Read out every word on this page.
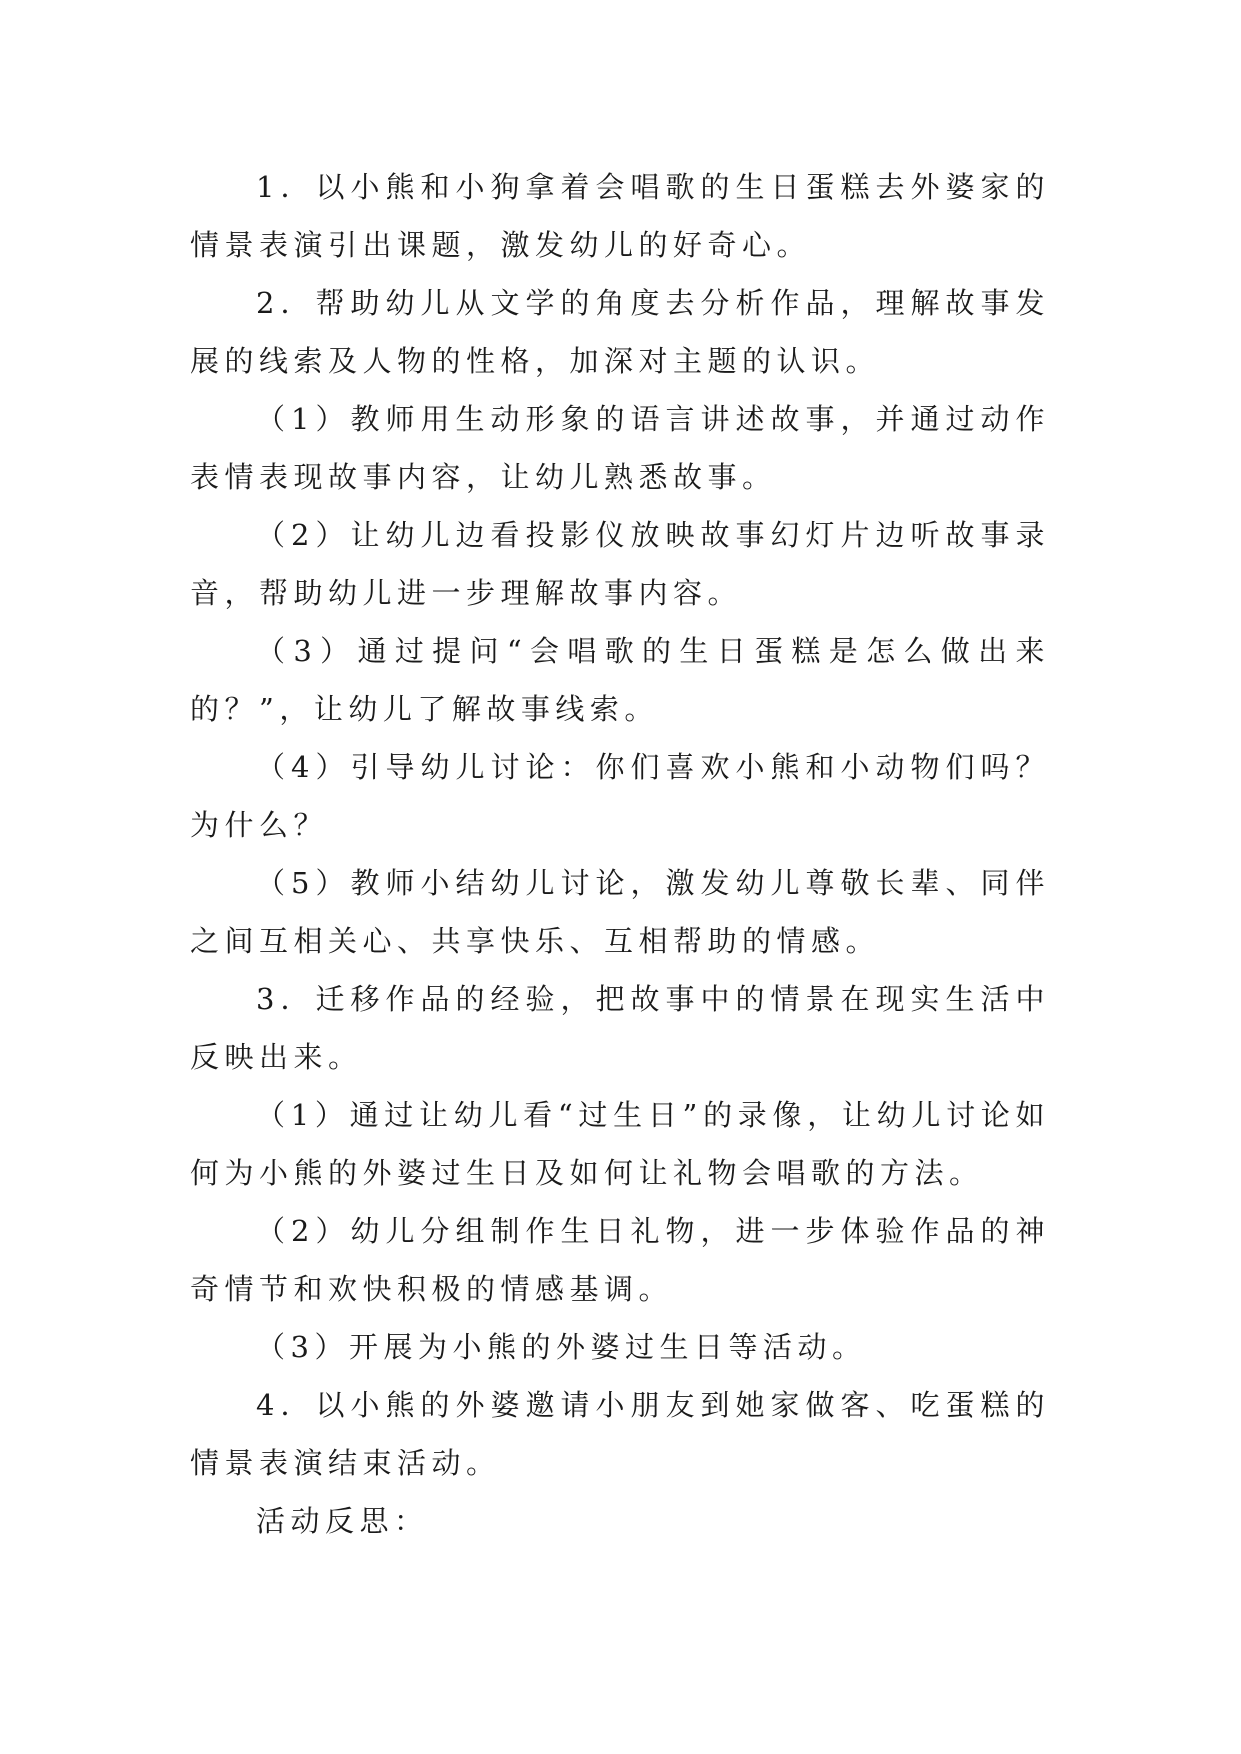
1．以小熊和小狗拿着会唱歌的生日蛋糕去外婆家的情景表演引出课题，激发幼儿的好奇心。

2．帮助幼儿从文学的角度去分析作品，理解故事发展的线索及人物的性格，加深对主题的认识。

（1）教师用生动形象的语言讲述故事，并通过动作表情表现故事内容，让幼儿熟悉故事。

（2）让幼儿边看投影仪放映故事幻灯片边听故事录音，帮助幼儿进一步理解故事内容。

（3）通过提问“会唱歌的生日蛋糕是怎么做出来的？”，让幼儿了解故事线索。

（4）引导幼儿讨论：你们喜欢小熊和小动物们吗？为什么？

（5）教师小结幼儿讨论，激发幼儿尊敬长辈、同伴之间互相关心、共享快乐、互相帮助的情感。

3．迁移作品的经验，把故事中的情景在现实生活中反映出来。

（1）通过让幼儿看“过生日”的录像，让幼儿讨论如何为小熊的外婆过生日及如何让礼物会唱歌的方法。

（2）幼儿分组制作生日礼物，进一步体验作品的神奇情节和欢快积极的情感基调。

（3）开展为小熊的外婆过生日等活动。

4．以小熊的外婆邀请小朋友到她家做客、吃蛋糕的情景表演结束活动。

活动反思：
